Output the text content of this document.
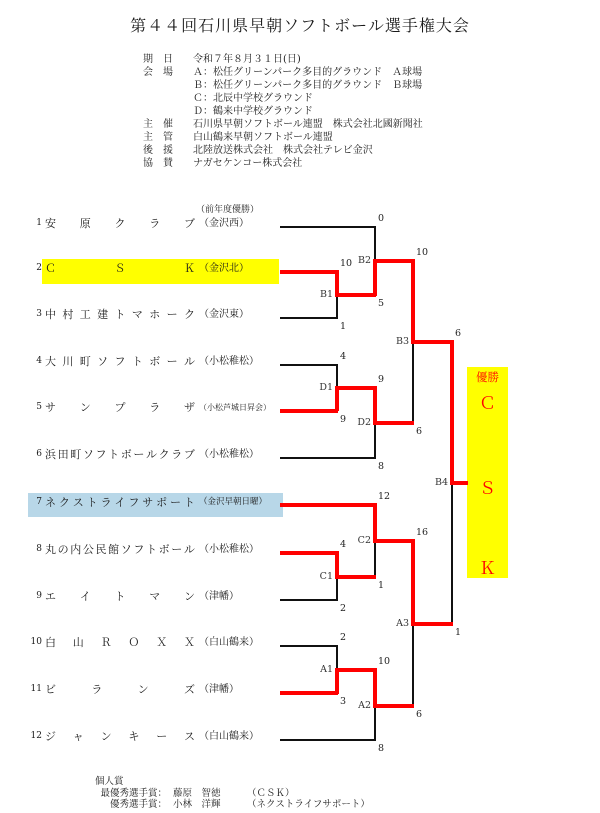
第４４回石川県早朝ソフトボール選手権大会
期　日	令和７年８月３１日(日)
会　場	Ａ：松任グリーンパーク多目的グラウンド　Ａ球場
Ｂ：松任グリーンパーク多目的グラウンド　Ｂ球場
Ｃ：北辰中学校グラウンド
Ｄ：鶴来中学校グラウンド
主　催	石川県早朝ソフトボール連盟　株式会社北國新聞社
主　管	白山鶴来早朝ソフトボール連盟
後　援	北陸放送株式会社　株式会社テレビ金沢
協　賛	ナガセケンコー株式会社
（前年度優勝）
1 安 原 ク ラ ブ （金沢西）
2 Ｃ	Ｓ	Ｋ （金沢北）
3 中 村 工 建 ト マ ホ ー ク （金沢東）
4 大 川 町 ソ フ ト ボ ー ル （小松稚松）
5 サ ン プ ラ ザ （小松芦城日昇会）
6 浜 田 町 ソ フ ト ボ ー ル ク ラ ブ （小松稚松）
7 ネ ク ス ト ラ イ フ サ ポ ー ト （金沢早朝日曜）
8 丸 の 内 公 民 館 ソ フ ト ボ ー ル （小松稚松）
9 エ イ ト マ ン （津幡）
10 白 山 Ｒ Ｏ Ｘ Ｘ （白山鶴来）
11 ビ	ラ	ン	ズ （津幡）
12 ジ ャ ン キ ー ス （白山鶴来）
B1
B2
B3
B4
D1
D2
C1
C2
A1
A2
A3
10
1
0
5
10
6
6
1
4
9
9
8
4
2
12
1
2
3
10
8
16
6
優勝
Ｃ
Ｓ
Ｋ
個人賞
最優秀選手賞： 藤原　智徳	（ＣＳＫ）
優秀選手賞： 小林　洋輝	（ネクストライフサポート）
